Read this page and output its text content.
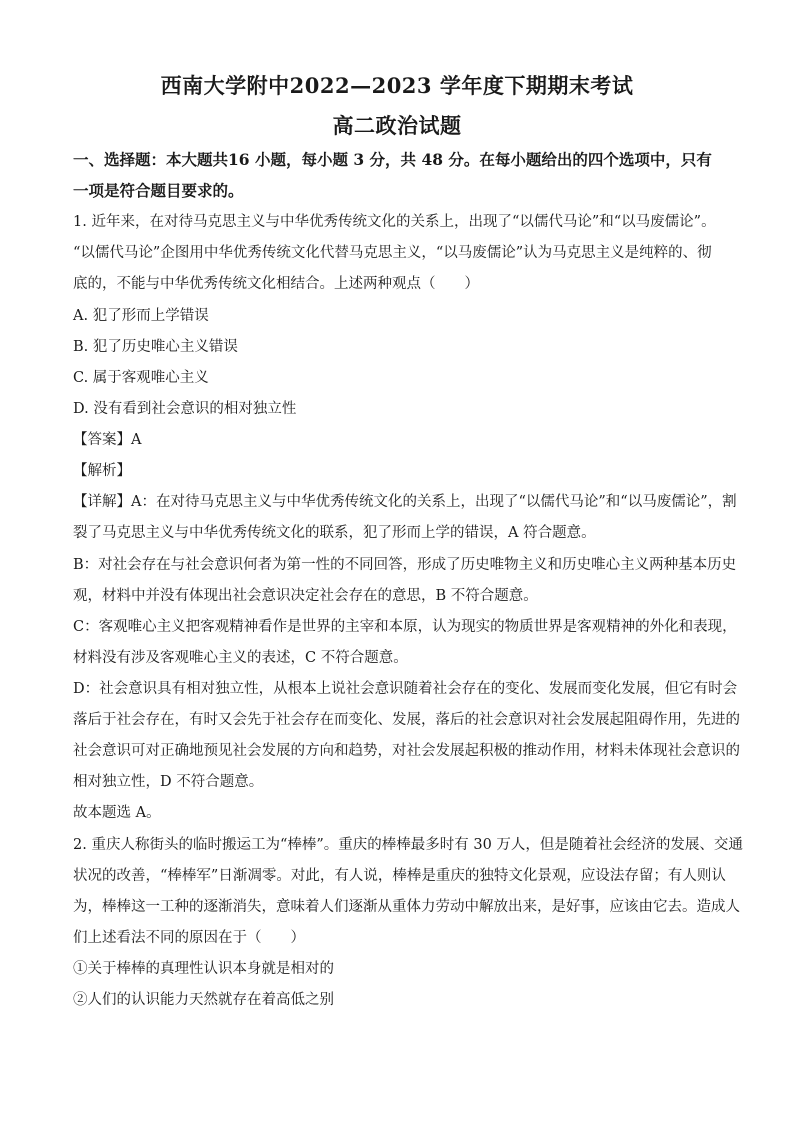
西南大学附中2022—2023 学年度下期期末考试
高二政治试题
一、选择题：本大题共16 小题，每小题 3 分，共 48 分。在每小题给出的四个选项中，只有
一项是符合题目要求的。
1. 近年来，在对待马克思主义与中华优秀传统文化的关系上，出现了“以儒代马论”和“以马废儒论”。
“以儒代马论”企图用中华优秀传统文化代替马克思主义，“以马废儒论”认为马克思主义是纯粹的、彻
底的，不能与中华优秀传统文化相结合。上述两种观点（　　）
A. 犯了形而上学错误
B. 犯了历史唯心主义错误
C. 属于客观唯心主义
D. 没有看到社会意识的相对独立性
【答案】A
【解析】
【详解】A：在对待马克思主义与中华优秀传统文化的关系上，出现了“以儒代马论”和“以马废儒论”，割
裂了马克思主义与中华优秀传统文化的联系，犯了形而上学的错误，A 符合题意。
B：对社会存在与社会意识何者为第一性的不同回答，形成了历史唯物主义和历史唯心主义两种基本历史
观，材料中并没有体现出社会意识决定社会存在的意思，B 不符合题意。
C：客观唯心主义把客观精神看作是世界的主宰和本原，认为现实的物质世界是客观精神的外化和表现，
材料没有涉及客观唯心主义的表述，C 不符合题意。
D：社会意识具有相对独立性，从根本上说社会意识随着社会存在的变化、发展而变化发展，但它有时会
落后于社会存在，有时又会先于社会存在而变化、发展，落后的社会意识对社会发展起阻碍作用，先进的
社会意识可对正确地预见社会发展的方向和趋势，对社会发展起积极的推动作用，材料未体现社会意识的
相对独立性，D 不符合题意。
故本题选 A。
2. 重庆人称街头的临时搬运工为“棒棒”。重庆的棒棒最多时有 30 万人，但是随着社会经济的发展、交通
状况的改善，“棒棒军”日渐凋零。对此，有人说，棒棒是重庆的独特文化景观，应设法存留；有人则认
为，棒棒这一工种的逐渐消失，意味着人们逐渐从重体力劳动中解放出来，是好事，应该由它去。造成人
们上述看法不同的原因在于（　　）
①关于棒棒的真理性认识本身就是相对的
②人们的认识能力天然就存在着高低之别
